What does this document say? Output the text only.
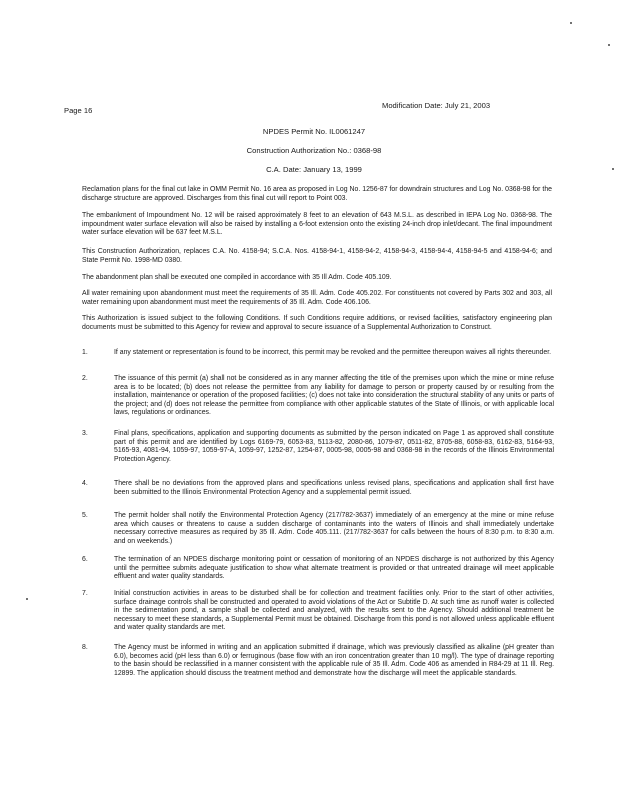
Page 16
Modification Date: July 21, 2003
NPDES Permit No. IL0061247
Construction Authorization No.: 0368-98
C.A. Date: January 13, 1999
Reclamation plans for the final cut lake in OMM Permit No. 16 area as proposed in Log No. 1256-87 for downdrain structures and Log No. 0368-98 for the discharge structure are approved. Discharges from this final cut will report to Point 003.
The embankment of Impoundment No. 12 will be raised approximately 8 feet to an elevation of 643 M.S.L. as described in IEPA Log No. 0368-98. The impoundment water surface elevation will also be raised by installing a 6-foot extension onto the existing 24-inch drop inlet/decant. The final impoundment water surface elevation will be 637 feet M.S.L.
This Construction Authorization, replaces C.A. No. 4158-94; S.C.A. Nos. 4158-94-1, 4158-94-2, 4158-94-3, 4158-94-4, 4158-94-5 and 4158-94-6; and State Permit No. 1998-MD 0380.
The abandonment plan shall be executed one compiled in accordance with 35 Ill Adm. Code 405.109.
All water remaining upon abandonment must meet the requirements of 35 Ill. Adm. Code 405.202. For constituents not covered by Parts 302 and 303, all water remaining upon abandonment must meet the requirements of 35 Ill. Adm. Code 406.106.
This Authorization is issued subject to the following Conditions. If such Conditions require additions, or revised facilities, satisfactory engineering plan documents must be submitted to this Agency for review and approval to secure issuance of a Supplemental Authorization to Construct.
1.	If any statement or representation is found to be incorrect, this permit may be revoked and the permittee thereupon waives all rights thereunder.
2.	The issuance of this permit (a) shall not be considered as in any manner affecting the title of the premises upon which the mine or mine refuse area is to be located; (b) does not release the permittee from any liability for damage to person or property caused by or resulting from the installation, maintenance or operation of the proposed facilities; (c) does not take into consideration the structural stability of any units or parts of the project; and (d) does not release the permittee from compliance with other applicable statutes of the State of Illinois, or with applicable local laws, regulations or ordinances.
3.	Final plans, specifications, application and supporting documents as submitted by the person indicated on Page 1 as approved shall constitute part of this permit and are identified by Logs 6169-79, 6053-83, 5113-82, 2080-86, 1079-87, 0511-82, 8705-88, 6058-83, 6162-83, 5164-93, 5165-93, 4081-94, 1059-97, 1059-97-A, 1059-97, 1252-87, 1254-87, 0005-98, 0005-98 and 0368-98 in the records of the Illinois Environmental Protection Agency.
4.	There shall be no deviations from the approved plans and specifications unless revised plans, specifications and application shall first have been submitted to the Illinois Environmental Protection Agency and a supplemental permit issued.
5.	The permit holder shall notify the Environmental Protection Agency (217/782-3637) immediately of an emergency at the mine or mine refuse area which causes or threatens to cause a sudden discharge of contaminants into the waters of Illinois and shall immediately undertake necessary corrective measures as required by 35 Ill. Adm. Code 405.111. (217/782-3637 for calls between the hours of 8:30 p.m. to 8:30 a.m. and on weekends.)
6.	The termination of an NPDES discharge monitoring point or cessation of monitoring of an NPDES discharge is not authorized by this Agency until the permittee submits adequate justification to show what alternate treatment is provided or that untreated drainage will meet applicable effluent and water quality standards.
7.	Initial construction activities in areas to be disturbed shall be for collection and treatment facilities only. Prior to the start of other activities, surface drainage controls shall be constructed and operated to avoid violations of the Act or Subtitle D. At such time as runoff water is collected in the sedimentation pond, a sample shall be collected and analyzed, with the results sent to the Agency. Should additional treatment be necessary to meet these standards, a Supplemental Permit must be obtained. Discharge from this pond is not allowed unless applicable effluent and water quality standards are met.
8.	The Agency must be informed in writing and an application submitted if drainage, which was previously classified as alkaline (pH greater than 6.0), becomes acid (pH less than 6.0) or ferruginous (base flow with an iron concentration greater than 10 mg/l). The type of drainage reporting to the basin should be reclassified in a manner consistent with the applicable rule of 35 Ill. Adm. Code 406 as amended in R84-29 at 11 Ill. Reg. 12899. The application should discuss the treatment method and demonstrate how the discharge will meet the applicable standards.
